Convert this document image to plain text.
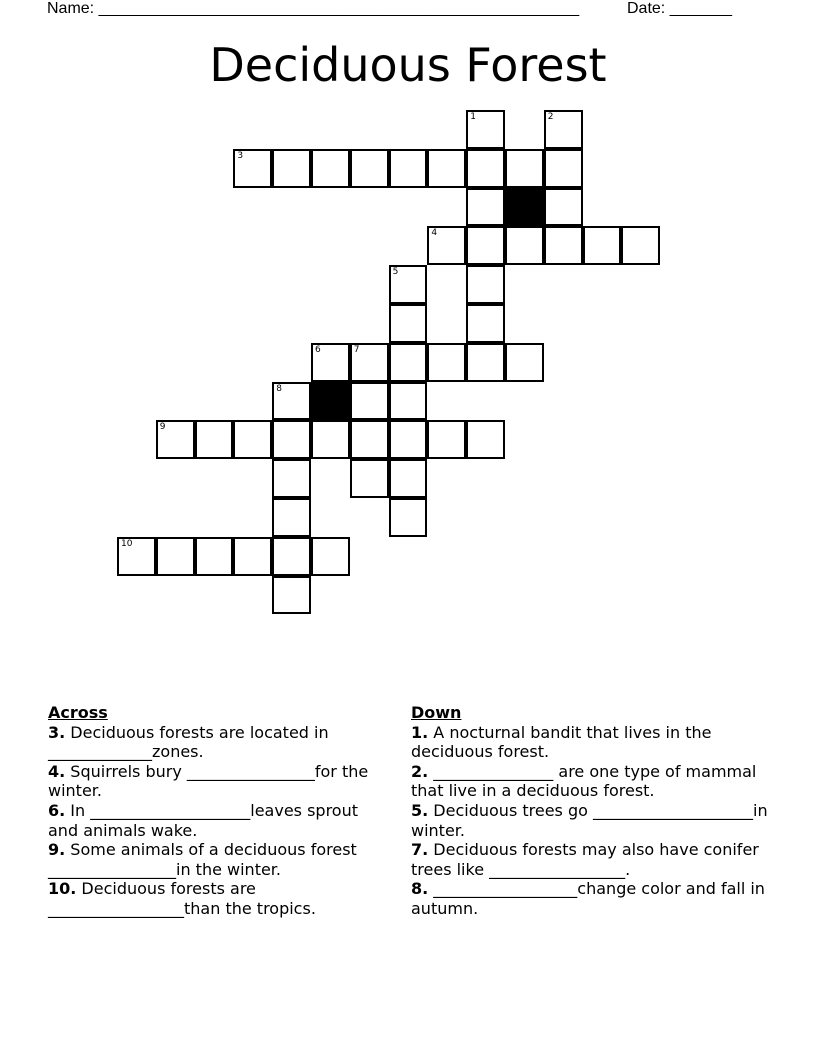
Name: ______________________________________________________	Date: _______
Deciduous Forest
1	2
3
4
5
6	7
8
9
10
Across
3. Deciduous forests are located in _____________zones.
4. Squirrels bury ________________for the winter.
6. In ____________________leaves sprout and animals wake.
9. Some animals of a deciduous forest ________________in the winter.
10. Deciduous forests are _________________than the tropics.
Down
1. A nocturnal bandit that lives in the deciduous forest.
2. _______________ are one type of mammal that live in a deciduous forest.
5. Deciduous trees go ____________________in winter.
7. Deciduous forests may also have conifer trees like _________________.
8. __________________change color and fall in autumn.
